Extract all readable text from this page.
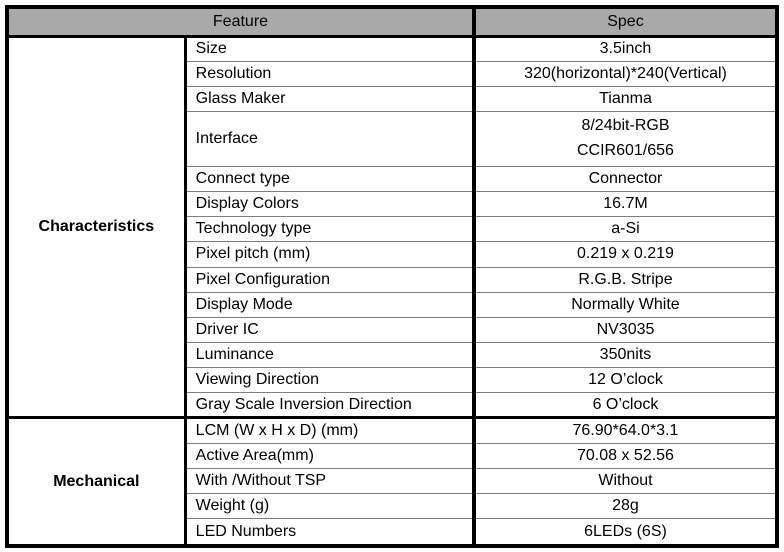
Feature		Spec
Characteristics	Size	3.5inch
	Resolution	320(horizontal)*240(Vertical)
	Glass Maker	Tianma
	Interface	8/24bit-RGB
CCIR601/656

	Connect type	Connector
	Display Colors	16.7M
	Technology type	a-Si
	Pixel pitch (mm)	0.219 x 0.219
	Pixel Configuration	R.G.B. Stripe
	Display Mode	Normally White
	Driver IC	NV3035
	Luminance	350nits
	Viewing Direction	12 O’clock
	Gray Scale Inversion Direction	6 O’clock
Mechanical	LCM (W x H x D) (mm)	76.90*64.0*3.1
	Active Area(mm)	70.08 x 52.56
	With /Without TSP	Without
	Weight (g)	28g
	LED Numbers	6LEDs (6S)
